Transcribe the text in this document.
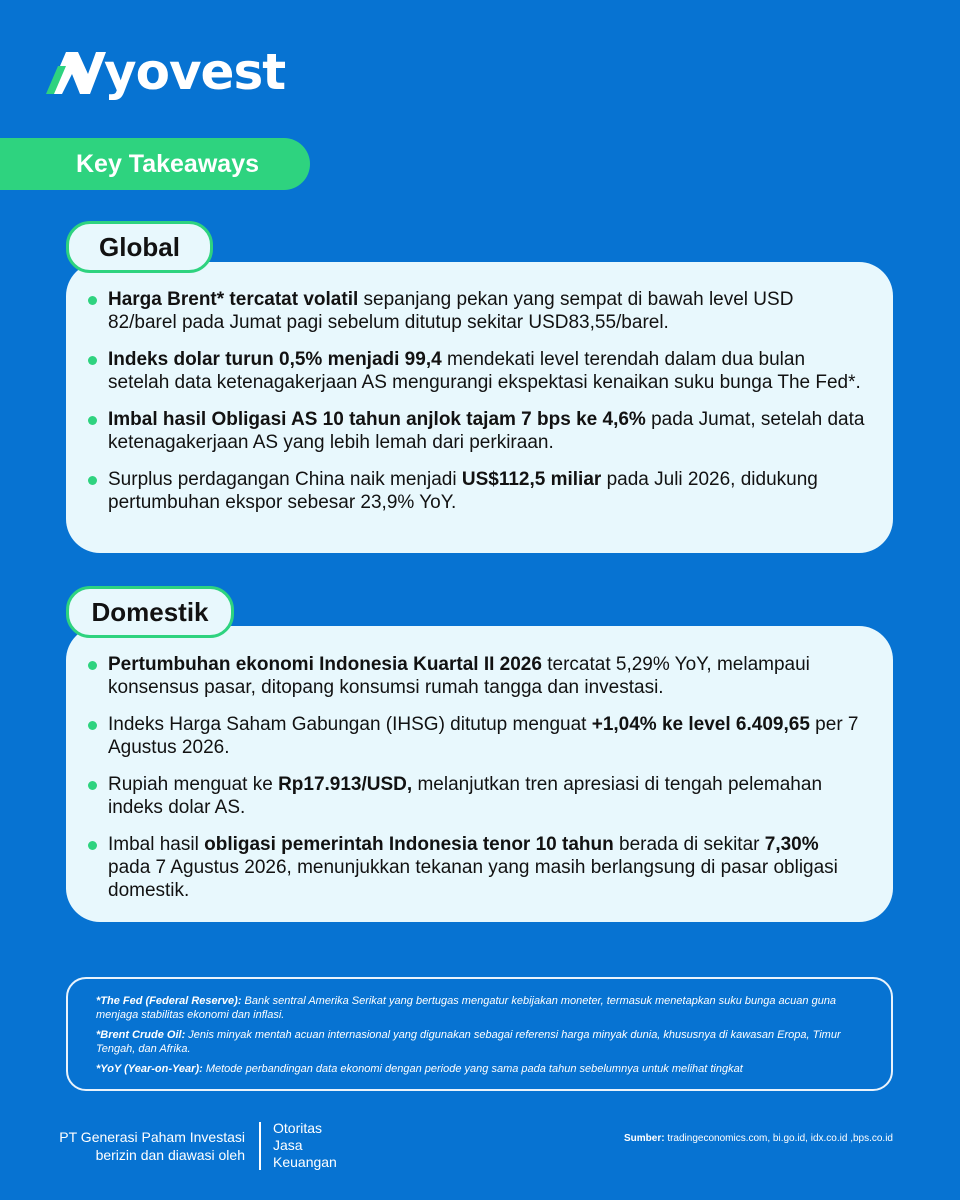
yovest
Key Takeaways
Harga Brent* tercatat volatil sepanjang pekan yang sempat di bawah level USD 82/barel pada Jumat pagi sebelum ditutup sekitar USD83,55/barel.
Indeks dolar turun 0,5% menjadi 99,4 mendekati level terendah dalam dua bulan setelah data ketenagakerjaan AS mengurangi ekspektasi kenaikan suku bunga The Fed*.
Imbal hasil Obligasi AS 10 tahun anjlok tajam 7 bps ke 4,6% pada Jumat, setelah data ketenagakerjaan AS yang lebih lemah dari perkiraan.
Surplus perdagangan China naik menjadi US$112,5 miliar pada Juli 2026, didukung pertumbuhan ekspor sebesar 23,9% YoY.
Global
Pertumbuhan ekonomi Indonesia Kuartal II 2026 tercatat 5,29% YoY, melampaui konsensus pasar, ditopang konsumsi rumah tangga dan investasi.
Indeks Harga Saham Gabungan (IHSG) ditutup menguat +1,04% ke level 6.409,65 per 7 Agustus 2026.
Rupiah menguat ke Rp17.913/USD, melanjutkan tren apresiasi di tengah pelemahan indeks dolar AS.
Imbal hasil obligasi pemerintah Indonesia tenor 10 tahun berada di sekitar 7,30% pada 7 Agustus 2026, menunjukkan tekanan yang masih berlangsung di pasar obligasi domestik.
Domestik

*The Fed (Federal Reserve): Bank sentral Amerika Serikat yang bertugas mengatur kebijakan moneter, termasuk menetapkan suku bunga acuan guna menjaga stabilitas ekonomi dan inflasi.

*Brent Crude Oil: Jenis minyak mentah acuan internasional yang digunakan sebagai referensi harga minyak dunia, khususnya di kawasan Eropa, Timur Tengah, dan Afrika.

*YoY (Year-on-Year): Metode perbandingan data ekonomi dengan periode yang sama pada tahun sebelumnya untuk melihat tingkat

PT Generasi Paham Investasi
berizin dan diawasi oleh
Otoritas
Jasa
Keuangan
Sumber: tradingeconomics.com, bi.go.id, idx.co.id ,bps.co.id
